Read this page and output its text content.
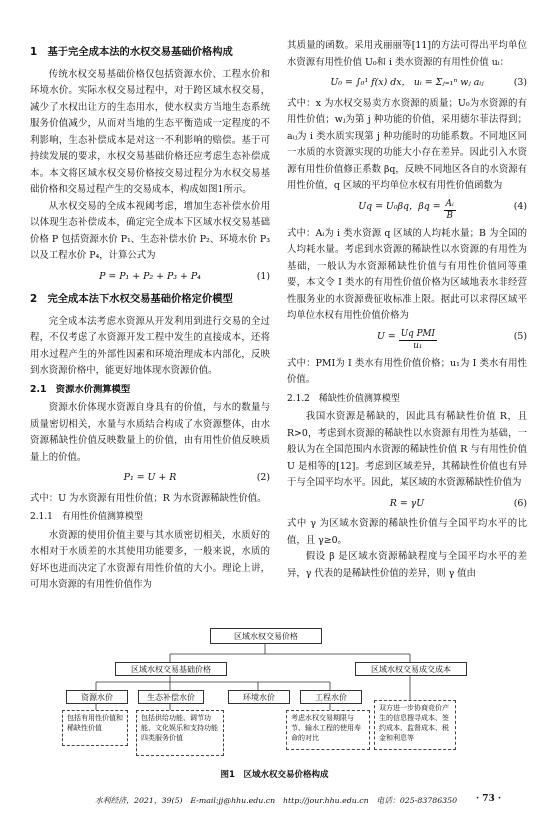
1　基于完全成本法的水权交易基础价格构成

传统水权交易基础价格仅包括资源水价、工程水价和环境水价。实际水权交易过程中，对于跨区域水权交易，减少了水权出让方的生态用水，使水权卖方当地生态系统服务价值减少，从而对当地的生态平衡造成一定程度的不利影响，生态补偿成本是对这一不利影响的赔偿。基于可持续发展的要求，水权交易基础价格还应考虑生态补偿成本。本文将区域水权交易价格按交易过程分为水权交易基础价格和交易过程产生的交易成本，构成如图1所示。

从水权交易的全成本视阈考虑，增加生态补偿水价用以体现生态补偿成本，确定完全成本下区域水权交易基础价格 P 包括资源水价 P₁、生态补偿水价 P₂、环境水价 P₃以及工程水价 P₄，计算公式为

P = P₁ + P₂ + P₃ + P₄	(1)
2　完全成本法下水权交易基础价格定价模型

完全成本法考虑水资源从开发利用到进行交易的全过程，不仅考虑了水资源开发工程中发生的直接成本，还将用水过程产生的外部性因素和环境治理成本内部化，反映到水资源价格中，能更好地体现水资源价值。

2.1　资源水价测算模型

资源水价体现水资源自身具有的价值，与水的数量与质量密切相关，水量与水质结合构成了水资源整体，由水资源稀缺性价值反映数量上的价值，由有用性价值反映质量上的价值。

P₁ = U + R	(2)

式中：U 为水资源有用性价值；R 为水资源稀缺性价值。

2.1.1　有用性价值测算模型

水资源的使用价值主要与其水质密切相关，水质好的水相对于水质差的水其使用功能要多，一般来说，水质的好坏也进而决定了水资源有用性价值的大小。理论上讲，可用水资源的有用性价值作为

其质量的函数。采用戎丽丽等[11]的方法可得出平均单位水资源有用性价值 U₀和 i 类水资源的有用性价值 uᵢ：

U₀ = ∫₀¹ f(x) dx，
uᵢ = Σⱼ₌₁ⁿ wⱼ aᵢⱼ	(3)

式中：x 为水权交易卖方水资源的质量；U₀为水资源的有用性价值；wⱼ为第 j 种功能的价值，采用德尔菲法得到；aᵢⱼ为 i 类水质实现第 j 种功能时的功能系数。不同地区同一水质的水资源实现的功能大小存在差异。因此引入水资源有用性价值修正系数 βq，反映不同地区各自的水资源有用性价值，q 区域的平均单位水权有用性价值函数为

Uq = U₀βq，βq =
$\frac{\text{Aᵢ}}{B}$	(4)

式中：Aᵢ为 i 类水资源 q 区域的人均耗水量；B 为全国的人均耗水量。考虑到水资源的稀缺性以水资源的有用性为基础，一般认为水资源稀缺性价值与有用性价值同等重要，本文令 I 类水的有用性价值价格为区域地表水非经营性服务业的水资源费征收标准上限。据此可以求得区域平均单位水权有用性价值价格为

U =
$\frac{\text{Uq PMI}}{\text{u₁}}$	(5)

式中：PMI为 I 类水有用性价值价格；u₁为 I 类水有用性价值。

2.1.2　稀缺性价值测算模型

我国水资源是稀缺的，因此具有稀缺性价值 R，且 R>0，考虑到水资源的稀缺性以水资源有用性为基础，一般认为在全国范围内水资源的稀缺性价值 R 与有用性价值 U 是相等的[12]。考虑到区域差异，其稀缺性价值也有异于与全国平均水平。因此，某区域的水资源稀缺性价值为

R = γU	(6)

式中 γ 为区域水资源的稀缺性价值与全国平均水平的比值，且 γ≥0。

假设 β 是区域水资源稀缺程度与全国平均水平的差异，γ 代表的是稀缺性价值的差异，则 γ 值由

区域水权交易价格
区域水权交易基础价格	区域水权交易成交成本
资源水价	生态补偿水价	环境水价	工程水价
包括有用性价值和稀缺性价值
包括供给功能、调节功能、文化娱乐和支持功能四类服务价值
考虑水权交易期限与节、输水工程的使用寿命的对比
双方进一步协商竞价产生的信息搜寻成本、签约成本、监督成本、税金和利息等
图1　区域水权交易价格构成
水利经济，2021，39(5)　E-mail:jj@hhu.edu.cn　http://jour.hhu.edu.cn　电话：025-83786350 · 73 ·
